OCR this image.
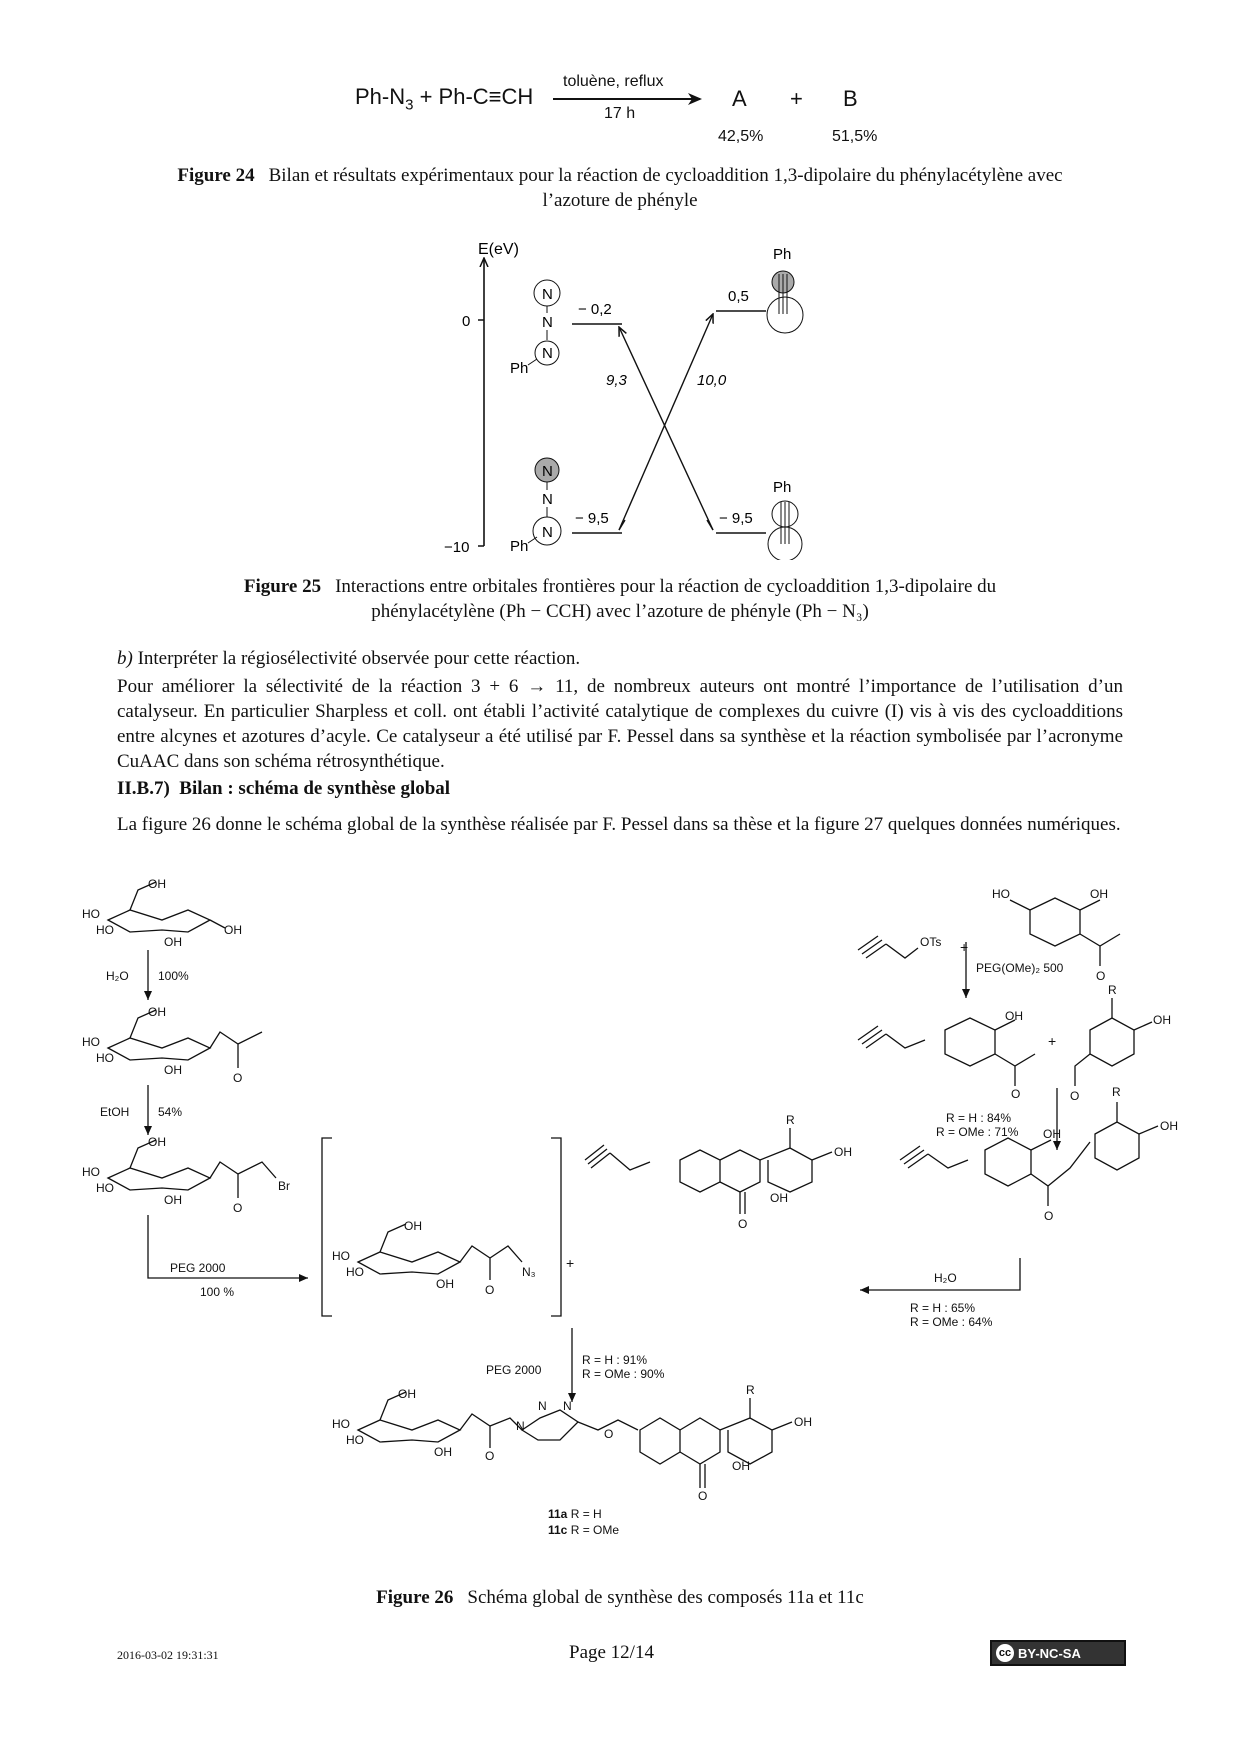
$Ph-N_3 + Ph-C\equiv CH$
toluène, reflux
17 h
A + B
42,5%	51,5%
Figure 24 Bilan et résultats expérimentaux pour la réaction de cycloaddition 1,3-dipolaire du phénylacétylène avec l’azoture de phényle
E(eV)
0
−10
N
N
N
Ph
N
N
N
Ph
− 0,2
− 9,5
0,5
− 9,5
9,3	10,0
Ph
Ph
Figure 25 Interactions entre orbitales frontières pour la réaction de cycloaddition 1,3-dipolaire du
phénylacétylène (Ph − CCH) avec l’azoture de phényle (Ph − N₃)
b) Interpréter la régiosélectivité observée pour cette réaction.
Pour améliorer la sélectivité de la réaction 3 + 6 → 11, de nombreux auteurs ont montré l’importance de l’utilisation d’un catalyseur. En particulier Sharpless et coll. ont établi l’activité catalytique de complexes du cuivre (I) vis à vis des cycloadditions entre alcynes et azotures d’acyle. Ce catalyseur a été utilisé par F. Pessel dans sa synthèse et la réaction symbolisée par l’acronyme CuAAC dans son schéma rétrosynthétique.
II.B.7) Bilan : schéma de synthèse global
La figure 26 donne le schéma global de la synthèse réalisée par F. Pessel dans sa thèse et la figure 27 quelques données numériques.
OH
HO
HO
OH
OH
H₂O 100%
OH
HO
HO
OH
O
EtOH 54%
OH
HO
HO
OH
O
Br
PEG 2000
100 %
OH
HO
HO
OH	O
N₃
+
R
OH
OH
O
OTs +
HO	OH
O
PEG(OMe)₂ 500
OH
O
+
R
OH
O
R = H : 84%
R = OMe : 71%
R
OH
OH
O
H₂O
R = H : 65%
R = OMe : 64%
PEG 2000
R = H : 91%
R = OMe : 90%
OH
HO
HO
OH	O
N
N N
O
R
OH
OH
O
11a R = H
11c R = OMe
Figure 26 Schéma global de synthèse des composés 11a et 11c
2016-03-02 19:31:31	Page 12/14	cc BY-NC-SA
